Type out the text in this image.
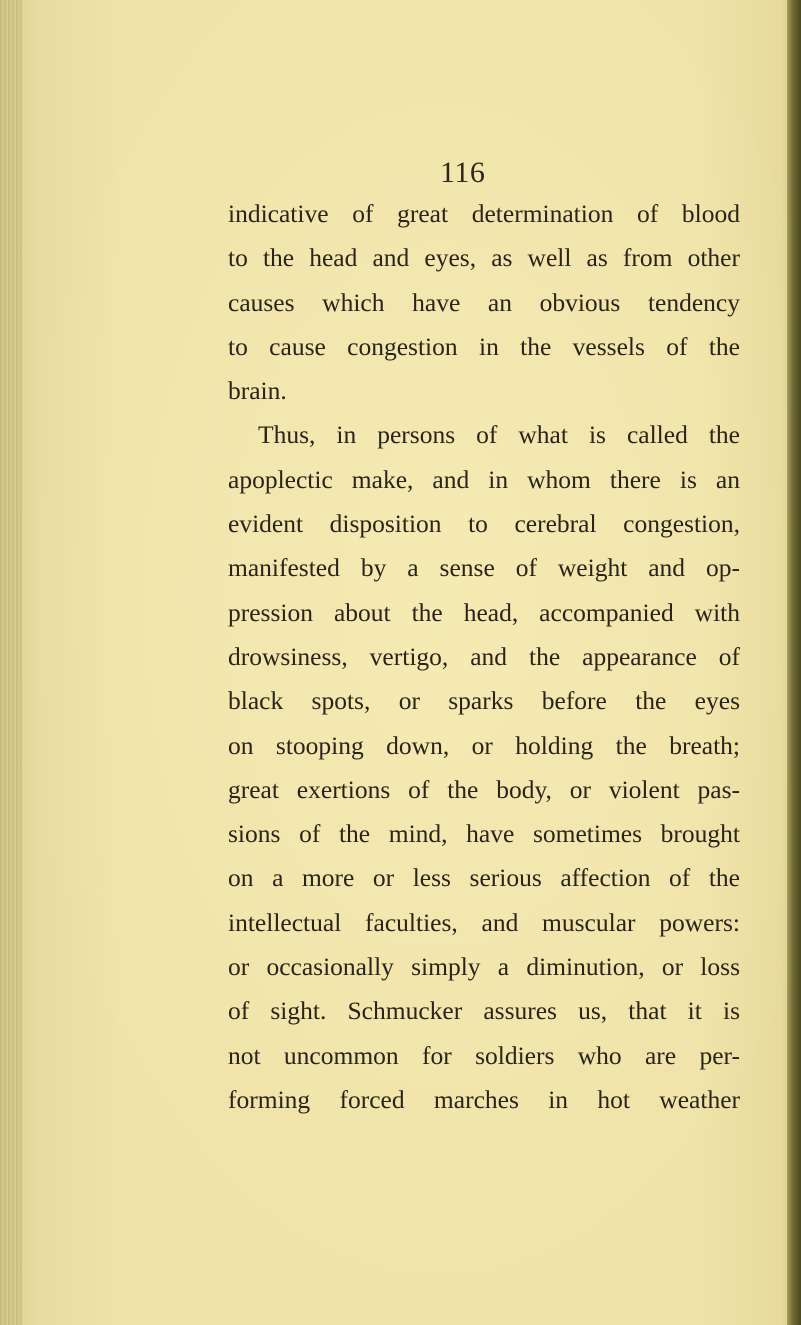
116
indicative of great determination of blood
to the head and eyes, as well as from other
causes which have an obvious tendency
to cause congestion in the vessels of the
brain.
Thus, in persons of what is called the
apoplectic make, and in whom there is an
evident disposition to cerebral congestion,
manifested by a sense of weight and op-
pression about the head, accompanied with
drowsiness, vertigo, and the appearance of
black spots, or sparks before the eyes
on stooping down, or holding the breath;
great exertions of the body, or violent pas-
sions of the mind, have sometimes brought
on a more or less serious affection of the
intellectual faculties, and muscular powers:
or occasionally simply a diminution, or loss
of sight. Schmucker assures us, that it is
not uncommon for soldiers who are per-
forming forced marches in hot weather
